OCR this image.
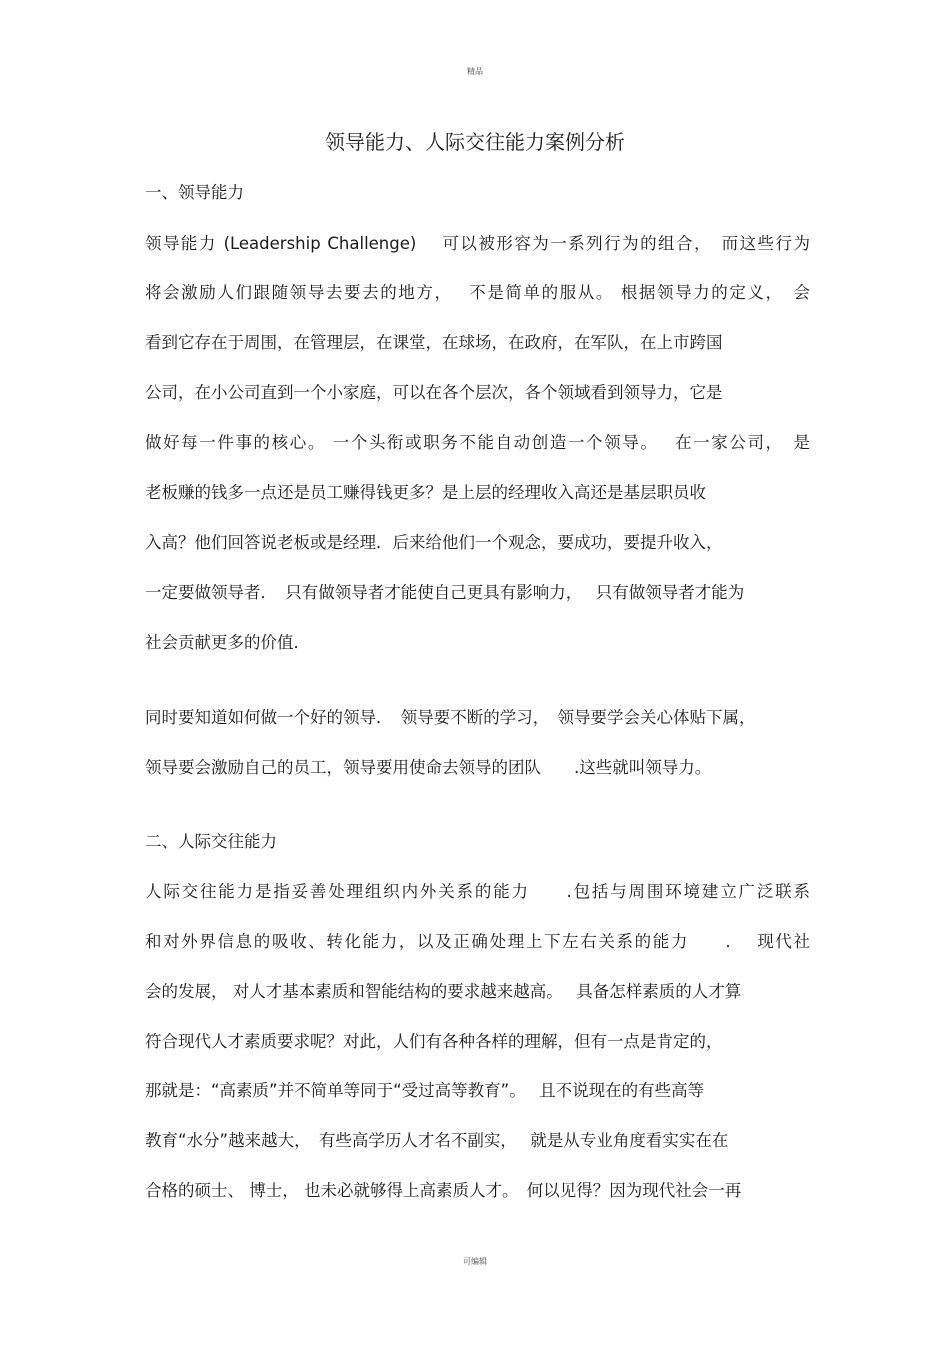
精品
领导能力、人际交往能力案例分析
一、领导能力
领导能力 (Leadership Challenge)　 可以被形容为一系列行为的组合，　而这些行为
将会激励人们跟随领导去要去的地方，　 不是简单的服从。 根据领导力的定义，　会
看到它存在于周围，在管理层，在课堂，在球场，在政府，在军队，在上市跨国
公司，在小公司直到一个小家庭，可以在各个层次，各个领域看到领导力，它是
做好每一件事的核心。 一个头衔或职务不能自动创造一个领导。　 在一家公司，　是
老板赚的钱多一点还是员工赚得钱更多？是上层的经理收入高还是基层职员收
入高？他们回答说老板或是经理．后来给他们一个观念，要成功，要提升收入，
一定要做领导者．　只有做领导者才能使自己更具有影响力，　 只有做领导者才能为
社会贡献更多的价值．
同时要知道如何做一个好的领导．　领导要不断的学习，　领导要学会关心体贴下属，
领导要会激励自己的员工，领导要用使命去领导的团队　　.这些就叫领导力。
二、人际交往能力
人际交往能力是指妥善处理组织内外关系的能力　　.包括与周围环境建立广泛联系
和对外界信息的吸收、转化能力，以及正确处理上下左右关系的能力　　.　 现代社
会的发展， 对人才基本素质和智能结构的要求越来越高。　 具备怎样素质的人才算
符合现代人才素质要求呢？对此，人们有各种各样的理解，但有一点是肯定的，
那就是：“高素质”并不简单等同于“受过高等教育”。　 且不说现在的有些高等
教育“水分”越来越大，　有些高学历人才名不副实，　 就是从专业角度看实实在在
合格的硕士、 博士， 也未必就够得上高素质人才。　何以见得？因为现代社会一再
可编辑
